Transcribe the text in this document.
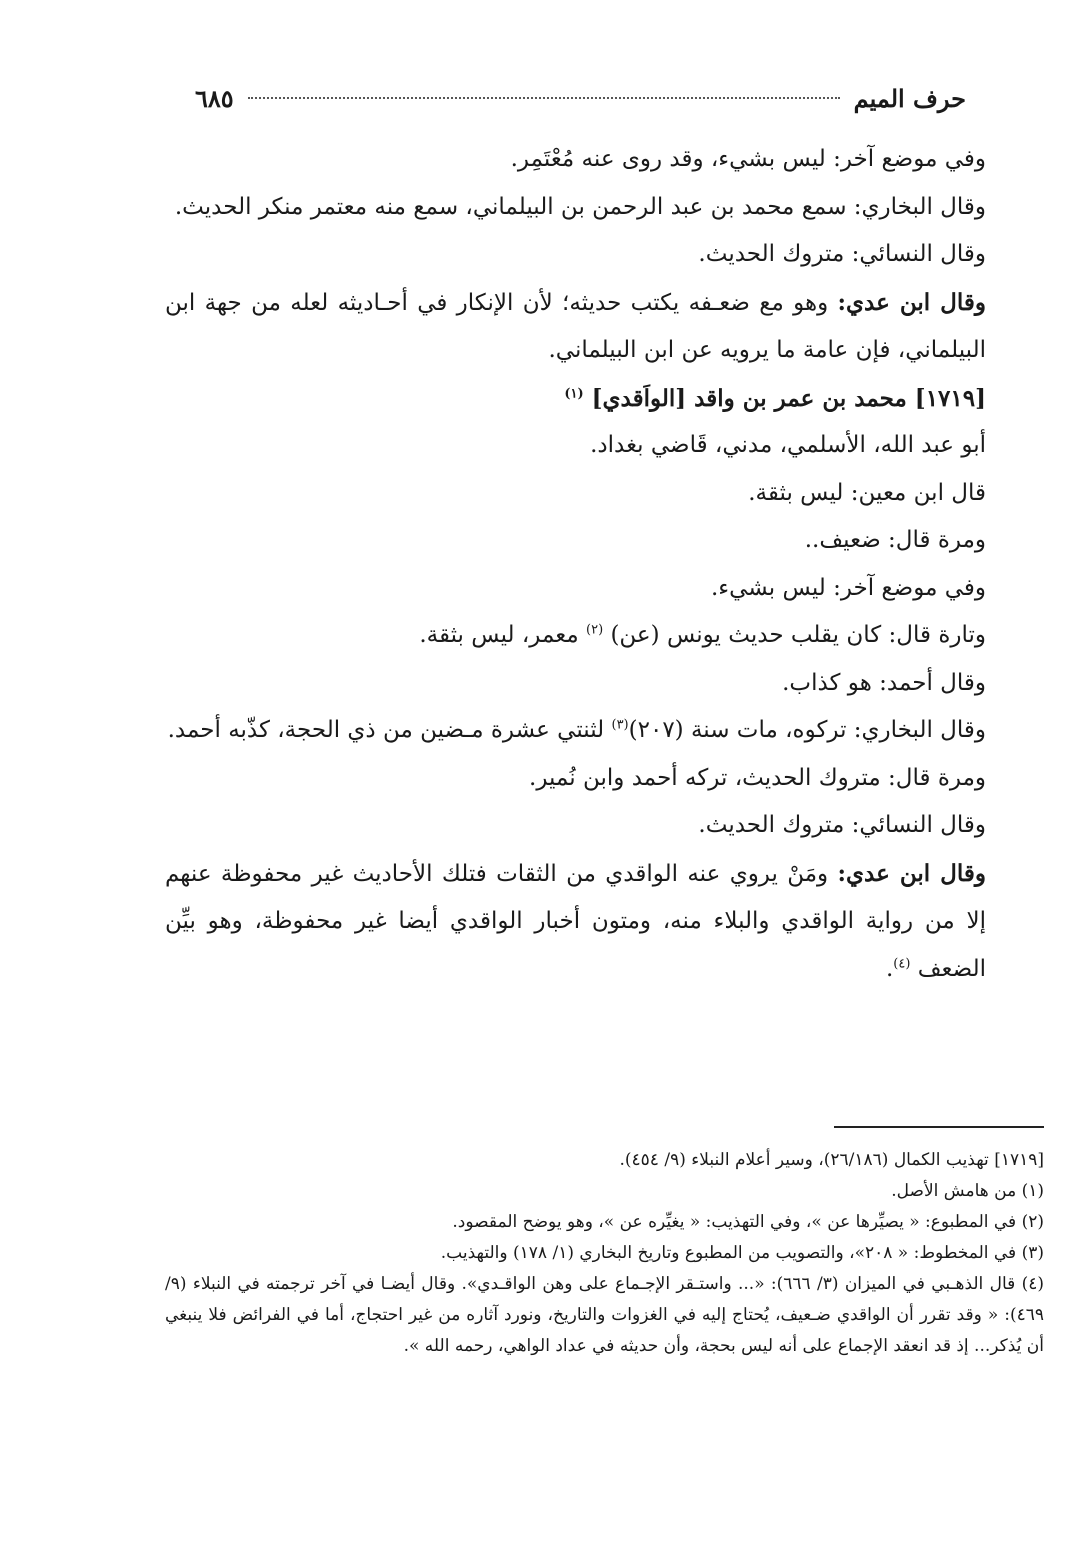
حرف الميم
٦٨٥

وفي موضع آخر: ليس بشيء، وقد روى عنه مُعْتَمِر.

وقال البخاري: سمع محمد بن عبد الرحمن بن البيلماني، سمع منه معتمر منكر الحديث.

وقال النسائي: متروك الحديث.

وقال ابن عدي: وهو مع ضعـفه يكتب حديثه؛ لأن الإنكار في أحـاديثه لعله من جهة ابن البيلماني، فإن عامة ما يرويه عن ابن البيلماني.

[١٧١٩] محمد بن عمر بن واقد [الواَقدي] $^{(١)}$

أبو عبد الله، الأسلمي، مدني، قَاضي بغداد.

قال ابن معين: ليس بثقة.

ومرة قال: ضعيف..

وفي موضع آخر: ليس بشيء.

وتارة قال: كان يقلب حديث يونس (عن) $^{(٢)}$ معمر، ليس بثقة.

وقال أحمد: هو كذاب.

وقال البخاري: تركوه، مات سنة (٢٠٧)$^{(٣)}$ لثنتي عشرة مـضين من ذي الحجة، كذّبه أحمد.

ومرة قال: متروك الحديث، تركه أحمد وابن نُمير.

وقال النسائي: متروك الحديث.

وقال ابن عدي: ومَنْ يروي عنه الواقدي من الثقات فتلك الأحاديث غير محفوظة عنهم إلا من رواية الواقدي والبلاء منه، ومتون أخبار الواقدي أيضا غير محفوظة، وهو بيِّن الضعف $^{(٤)}$.

[١٧١٩] تهذيب الكمال (٢٦/١٨٦)، وسير أعلام النبلاء (٩/ ٤٥٤).

(١) من هامش الأصل.

(٢) في المطبوع: « يصيِّرها عن »، وفي التهذيب: « يغيِّره عن »، وهو يوضح المقصود.

(٣) في المخطوط: « ٢٠٨»، والتصويب من المطبوع وتاريخ البخاري (١/ ١٧٨) والتهذيب.

(٤) قال الذهـبي في الميزان (٣/ ٦٦٦): «... واستـقر الإجـماع على وهن الواقـدي». وقال أيضـا في آخر ترجمته في النبلاء (٩/ ٤٦٩): « وقد تقرر أن الواقدي ضـعيف، يُحتاج إليه في الغزوات والتاريخ، ونورد آثاره من غير احتجاج، أما في الفرائض فلا ينبغي أن يُذكر... إذ قد انعقد الإجماع على أنه ليس بحجة، وأن حديثه في عداد الواهي، رحمه الله ».
